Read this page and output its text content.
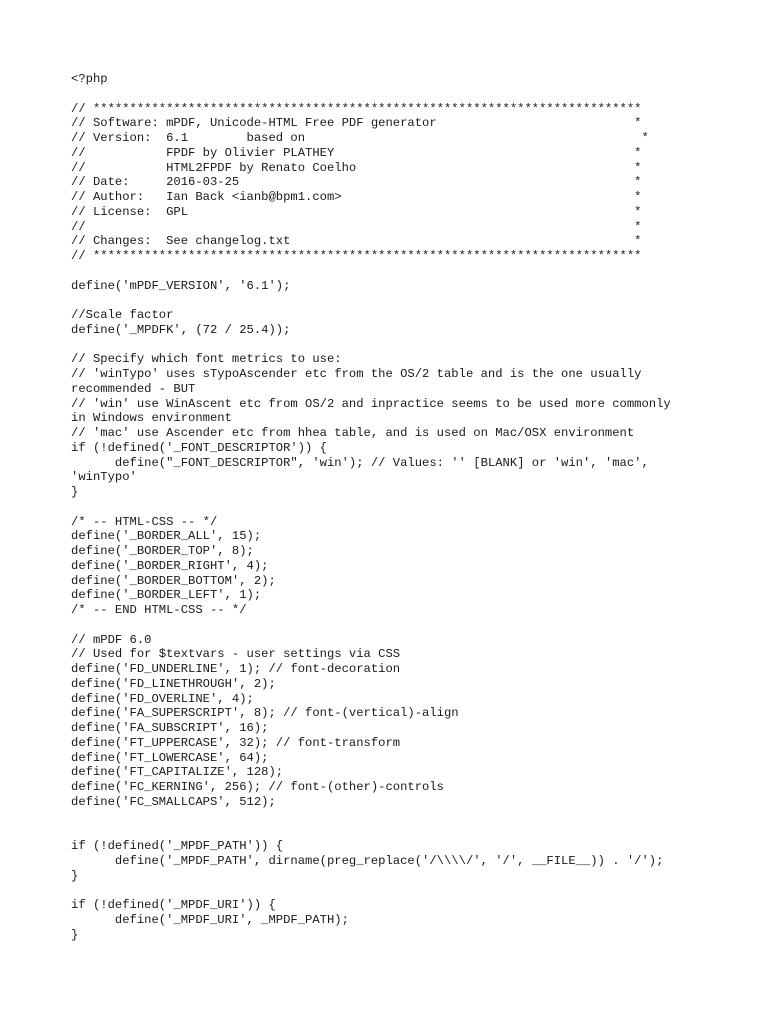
<?php

// ***************************************************************************
// Software: mPDF, Unicode-HTML Free PDF generator                           *
// Version:  6.1        based on                                              *
//           FPDF by Olivier PLATHEY                                         *
//           HTML2FPDF by Renato Coelho                                      *
// Date:     2016-03-25                                                      *
// Author:   Ian Back <ianb@bpm1.com>                                        *
// License:  GPL                                                             *
//                                                                           *
// Changes:  See changelog.txt                                               *
// ***************************************************************************

define('mPDF_VERSION', '6.1');

//Scale factor
define('_MPDFK', (72 / 25.4));

// Specify which font metrics to use:
// 'winTypo' uses sTypoAscender etc from the OS/2 table and is the one usually
recommended - BUT
// 'win' use WinAscent etc from OS/2 and inpractice seems to be used more commonly
in Windows environment
// 'mac' use Ascender etc from hhea table, and is used on Mac/OSX environment
if (!defined('_FONT_DESCRIPTOR')) {
define("_FONT_DESCRIPTOR", 'win'); // Values: '' [BLANK] or 'win', 'mac',
'winTypo'
}

/* -- HTML-CSS -- */
define('_BORDER_ALL', 15);
define('_BORDER_TOP', 8);
define('_BORDER_RIGHT', 4);
define('_BORDER_BOTTOM', 2);
define('_BORDER_LEFT', 1);
/* -- END HTML-CSS -- */

// mPDF 6.0
// Used for $textvars - user settings via CSS
define('FD_UNDERLINE', 1); // font-decoration
define('FD_LINETHROUGH', 2);
define('FD_OVERLINE', 4);
define('FA_SUPERSCRIPT', 8); // font-(vertical)-align
define('FA_SUBSCRIPT', 16);
define('FT_UPPERCASE', 32); // font-transform
define('FT_LOWERCASE', 64);
define('FT_CAPITALIZE', 128);
define('FC_KERNING', 256); // font-(other)-controls
define('FC_SMALLCAPS', 512);

if (!defined('_MPDF_PATH')) {
define('_MPDF_PATH', dirname(preg_replace('/\\\\/', '/', __FILE__)) . '/');
}

if (!defined('_MPDF_URI')) {
define('_MPDF_URI', _MPDF_PATH);
}
